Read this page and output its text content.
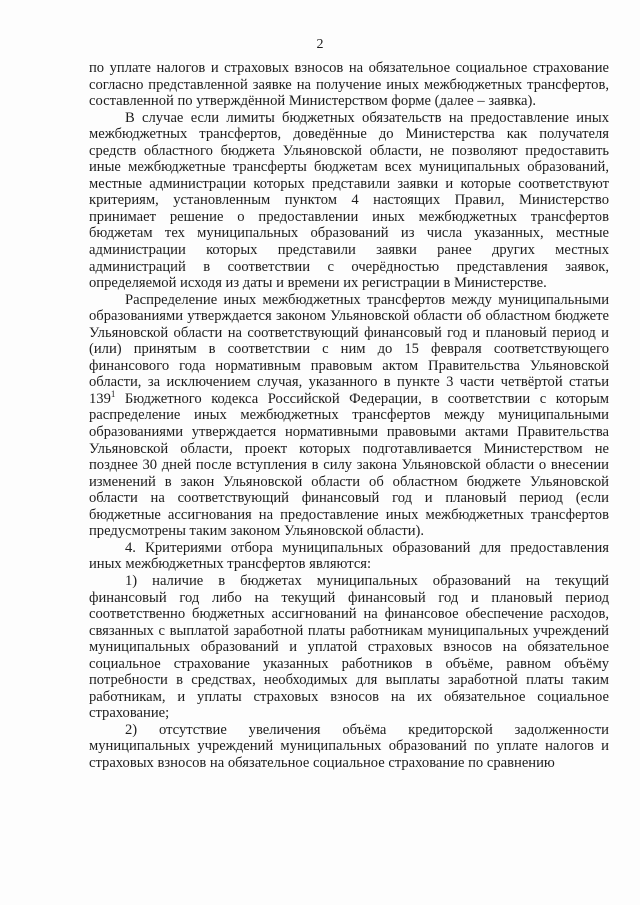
2

по уплате налогов и страховых взносов на обязательное социальное страхование согласно представленной заявке на получение иных межбюджетных трансфертов, составленной по утверждённой Министерством форме (далее – заявка).

В случае если лимиты бюджетных обязательств на предоставление иных межбюджетных трансфертов, доведённые до Министерства как получателя средств областного бюджета Ульяновской области, не позволяют предоставить иные межбюджетные трансферты бюджетам всех муниципальных образований, местные администрации которых представили заявки и которые соответствуют критериям, установленным пунктом 4 настоящих Правил, Министерство принимает решение о предоставлении иных межбюджетных трансфертов бюджетам тех муниципальных образований из числа указанных, местные администрации которых представили заявки ранее других местных администраций в соответствии с очерёдностью представления заявок, определяемой исходя из даты и времени их регистрации в Министерстве.

Распределение иных межбюджетных трансфертов между муниципальными образованиями утверждается законом Ульяновской области об областном бюджете Ульяновской области на соответствующий финансовый год и плановый период и (или) принятым в соответствии с ним до 15 февраля соответствующего финансового года нормативным правовым актом Правительства Ульяновской области, за исключением случая, указанного в пункте 3 части четвёртой статьи $139^1$ Бюджетного кодекса Российской Федерации, в соответствии с которым распределение иных межбюджетных трансфертов между муниципальными образованиями утверждается нормативными правовыми актами Правительства Ульяновской области, проект которых подготавливается Министерством не позднее 30 дней после вступления в силу закона Ульяновской области о внесении изменений в закон Ульяновской области об областном бюджете Ульяновской области на соответствующий финансовый год и плановый период (если бюджетные ассигнования на предоставление иных межбюджетных трансфертов предусмотрены таким законом Ульяновской области).

4. Критериями отбора муниципальных образований для предоставления иных межбюджетных трансфертов являются:

1) наличие в бюджетах муниципальных образований на текущий финансовый год либо на текущий финансовый год и плановый период соответственно бюджетных ассигнований на финансовое обеспечение расходов, связанных с выплатой заработной платы работникам муниципальных учреждений муниципальных образований и уплатой страховых взносов на обязательное социальное страхование указанных работников в объёме, равном объёму потребности в средствах, необходимых для выплаты заработной платы таким работникам, и уплаты страховых взносов на их обязательное социальное страхование;

2) отсутствие увеличения объёма кредиторской задолженности муниципальных учреждений муниципальных образований по уплате налогов и страховых взносов на обязательное социальное страхование по сравнению
